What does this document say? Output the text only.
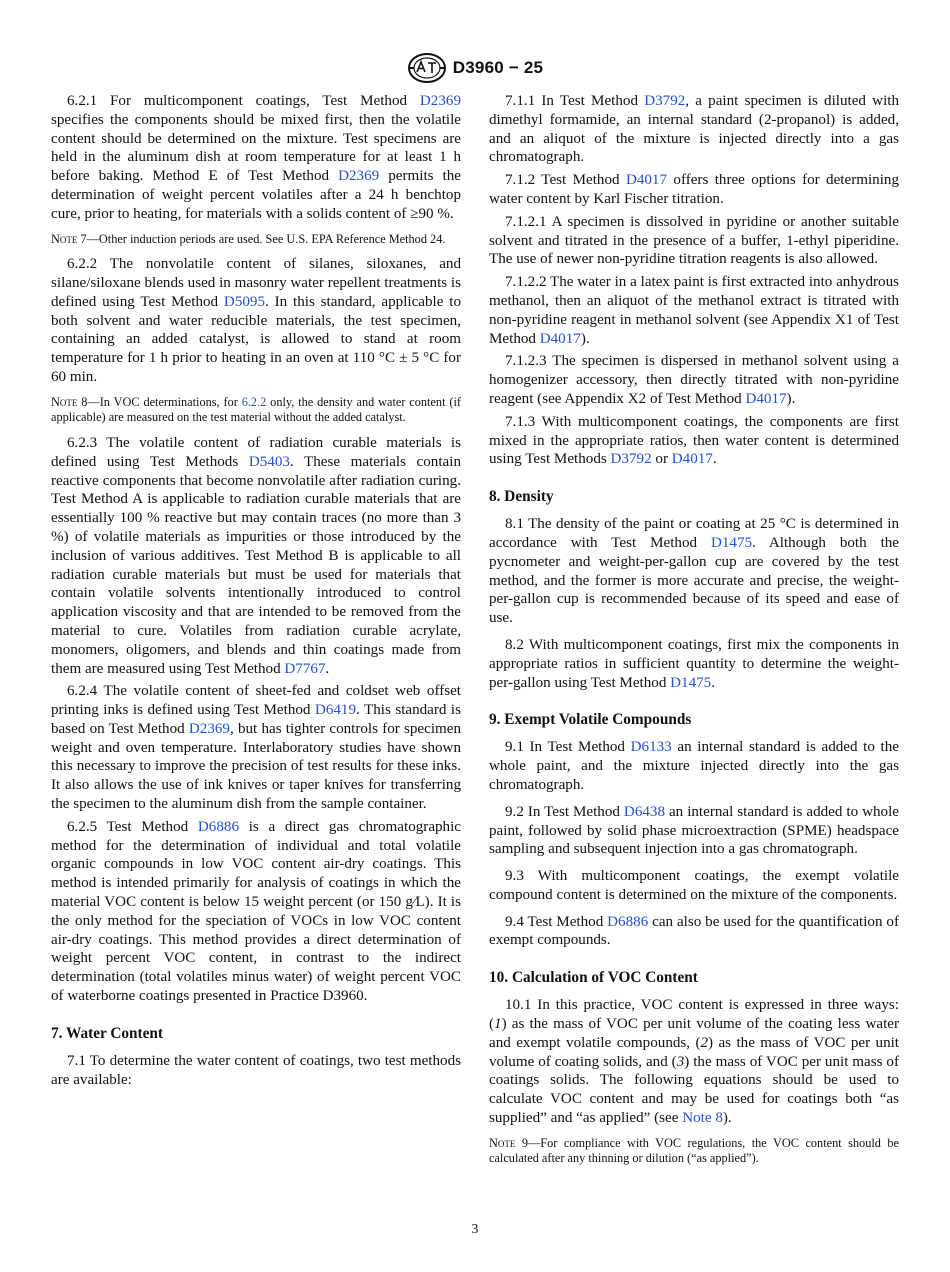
D3960 − 25

6.2.1 For multicomponent coatings, Test Method D2369 specifies the components should be mixed first, then the volatile content should be determined on the mixture. Test specimens are held in the aluminum dish at room temperature for at least 1 h before baking. Method E of Test Method D2369 permits the determination of weight percent volatiles after a 24 h benchtop cure, prior to heating, for materials with a solids content of ≥90 %.

Note 7—Other induction periods are used. See U.S. EPA Reference Method 24.

6.2.2 The nonvolatile content of silanes, siloxanes, and silane/siloxane blends used in masonry water repellent treatments is defined using Test Method D5095. In this standard, applicable to both solvent and water reducible materials, the test specimen, containing an added catalyst, is allowed to stand at room temperature for 1 h prior to heating in an oven at 110 °C ± 5 °C for 60 min.

Note 8—In VOC determinations, for 6.2.2 only, the density and water content (if applicable) are measured on the test material without the added catalyst.

6.2.3 The volatile content of radiation curable materials is defined using Test Methods D5403. These materials contain reactive components that become nonvolatile after radiation curing. Test Method A is applicable to radiation curable materials that are essentially 100 % reactive but may contain traces (no more than 3 %) of volatile materials as impurities or those introduced by the inclusion of various additives. Test Method B is applicable to all radiation curable materials but must be used for materials that contain volatile solvents intentionally introduced to control application viscosity and that are intended to be removed from the material to cure. Volatiles from radiation curable acrylate, monomers, oligomers, and blends and thin coatings made from them are measured using Test Method D7767.

6.2.4 The volatile content of sheet-fed and coldset web offset printing inks is defined using Test Method D6419. This standard is based on Test Method D2369, but has tighter controls for specimen weight and oven temperature. Interlaboratory studies have shown this necessary to improve the precision of test results for these inks. It also allows the use of ink knives or taper knives for transferring the specimen to the aluminum dish from the sample container.

6.2.5 Test Method D6886 is a direct gas chromatographic method for the determination of individual and total volatile organic compounds in low VOC content air-dry coatings. This method is intended primarily for analysis of coatings in which the material VOC content is below 15 weight percent (or 150 g⁄L). It is the only method for the speciation of VOCs in low VOC content air-dry coatings. This method provides a direct determination of weight percent VOC content, in contrast to the indirect determination (total volatiles minus water) of weight percent VOC of waterborne coatings presented in Practice D3960.

7. Water Content

7.1 To determine the water content of coatings, two test methods are available:

7.1.1 In Test Method D3792, a paint specimen is diluted with dimethyl formamide, an internal standard (2-propanol) is added, and an aliquot of the mixture is injected directly into a gas chromatograph.

7.1.2 Test Method D4017 offers three options for determining water content by Karl Fischer titration.

7.1.2.1 A specimen is dissolved in pyridine or another suitable solvent and titrated in the presence of a buffer, 1-ethyl piperidine. The use of newer non-pyridine titration reagents is also allowed.

7.1.2.2 The water in a latex paint is first extracted into anhydrous methanol, then an aliquot of the methanol extract is titrated with non-pyridine reagent in methanol solvent (see Appendix X1 of Test Method D4017).

7.1.2.3 The specimen is dispersed in methanol solvent using a homogenizer accessory, then directly titrated with non-pyridine reagent (see Appendix X2 of Test Method D4017).

7.1.3 With multicomponent coatings, the components are first mixed in the appropriate ratios, then water content is determined using Test Methods D3792 or D4017.

8. Density

8.1 The density of the paint or coating at 25 °C is determined in accordance with Test Method D1475. Although both the pycnometer and weight-per-gallon cup are covered by the test method, and the former is more accurate and precise, the weight-per-gallon cup is recommended because of its speed and ease of use.

8.2 With multicomponent coatings, first mix the components in appropriate ratios in sufficient quantity to determine the weight-per-gallon using Test Method D1475.

9. Exempt Volatile Compounds

9.1 In Test Method D6133 an internal standard is added to the whole paint, and the mixture injected directly into the gas chromatograph.

9.2 In Test Method D6438 an internal standard is added to whole paint, followed by solid phase microextraction (SPME) headspace sampling and subsequent injection into a gas chromatograph.

9.3 With multicomponent coatings, the exempt volatile compound content is determined on the mixture of the components.

9.4 Test Method D6886 can also be used for the quantification of exempt compounds.

10. Calculation of VOC Content

10.1 In this practice, VOC content is expressed in three ways: (1) as the mass of VOC per unit volume of the coating less water and exempt volatile compounds, (2) as the mass of VOC per unit volume of coating solids, and (3) the mass of VOC per unit mass of coatings solids. The following equations should be used to calculate VOC content and may be used for coatings both “as supplied” and “as applied” (see Note 8).

Note 9—For compliance with VOC regulations, the VOC content should be calculated after any thinning or dilution (“as applied”).

3
